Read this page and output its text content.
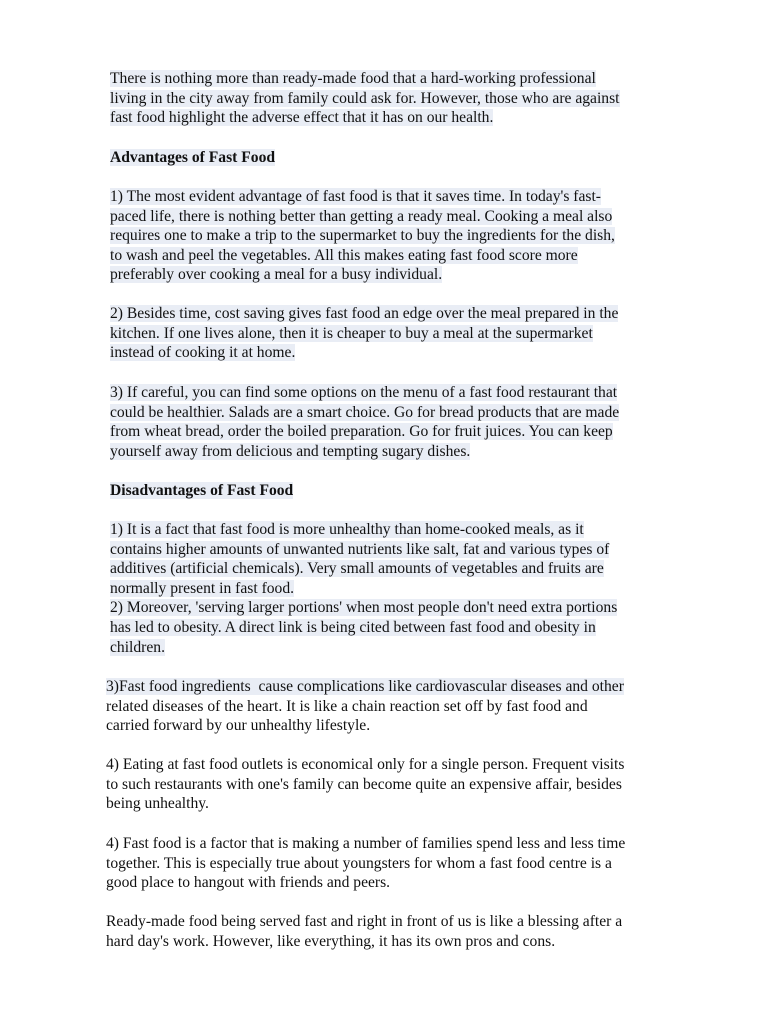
There is nothing more than ready-made food that a hard-working professional
living in the city away from family could ask for. However, those who are against
fast food highlight the adverse effect that it has on our health.
Advantages of Fast Food
1) The most evident advantage of fast food is that it saves time. In today's fast-
paced life, there is nothing better than getting a ready meal. Cooking a meal also
requires one to make a trip to the supermarket to buy the ingredients for the dish,
to wash and peel the vegetables. All this makes eating fast food score more
preferably over cooking a meal for a busy individual.
2) Besides time, cost saving gives fast food an edge over the meal prepared in the
kitchen. If one lives alone, then it is cheaper to buy a meal at the supermarket
instead of cooking it at home.
3) If careful, you can find some options on the menu of a fast food restaurant that
could be healthier. Salads are a smart choice. Go for bread products that are made
from wheat bread, order the boiled preparation. Go for fruit juices. You can keep
yourself away from delicious and tempting sugary dishes.
Disadvantages of Fast Food
1) It is a fact that fast food is more unhealthy than home-cooked meals, as it
contains higher amounts of unwanted nutrients like salt, fat and various types of
additives (artificial chemicals). Very small amounts of vegetables and fruits are
normally present in fast food.
2) Moreover, 'serving larger portions' when most people don't need extra portions
has led to obesity. A direct link is being cited between fast food and obesity in
children.
3)Fast food ingredients  cause complications like cardiovascular diseases and other
related diseases of the heart. It is like a chain reaction set off by fast food and
carried forward by our unhealthy lifestyle.
4) Eating at fast food outlets is economical only for a single person. Frequent visits
to such restaurants with one's family can become quite an expensive affair, besides
being unhealthy.
4) Fast food is a factor that is making a number of families spend less and less time
together. This is especially true about youngsters for whom a fast food centre is a
good place to hangout with friends and peers.
Ready-made food being served fast and right in front of us is like a blessing after a
hard day's work. However, like everything, it has its own pros and cons.
